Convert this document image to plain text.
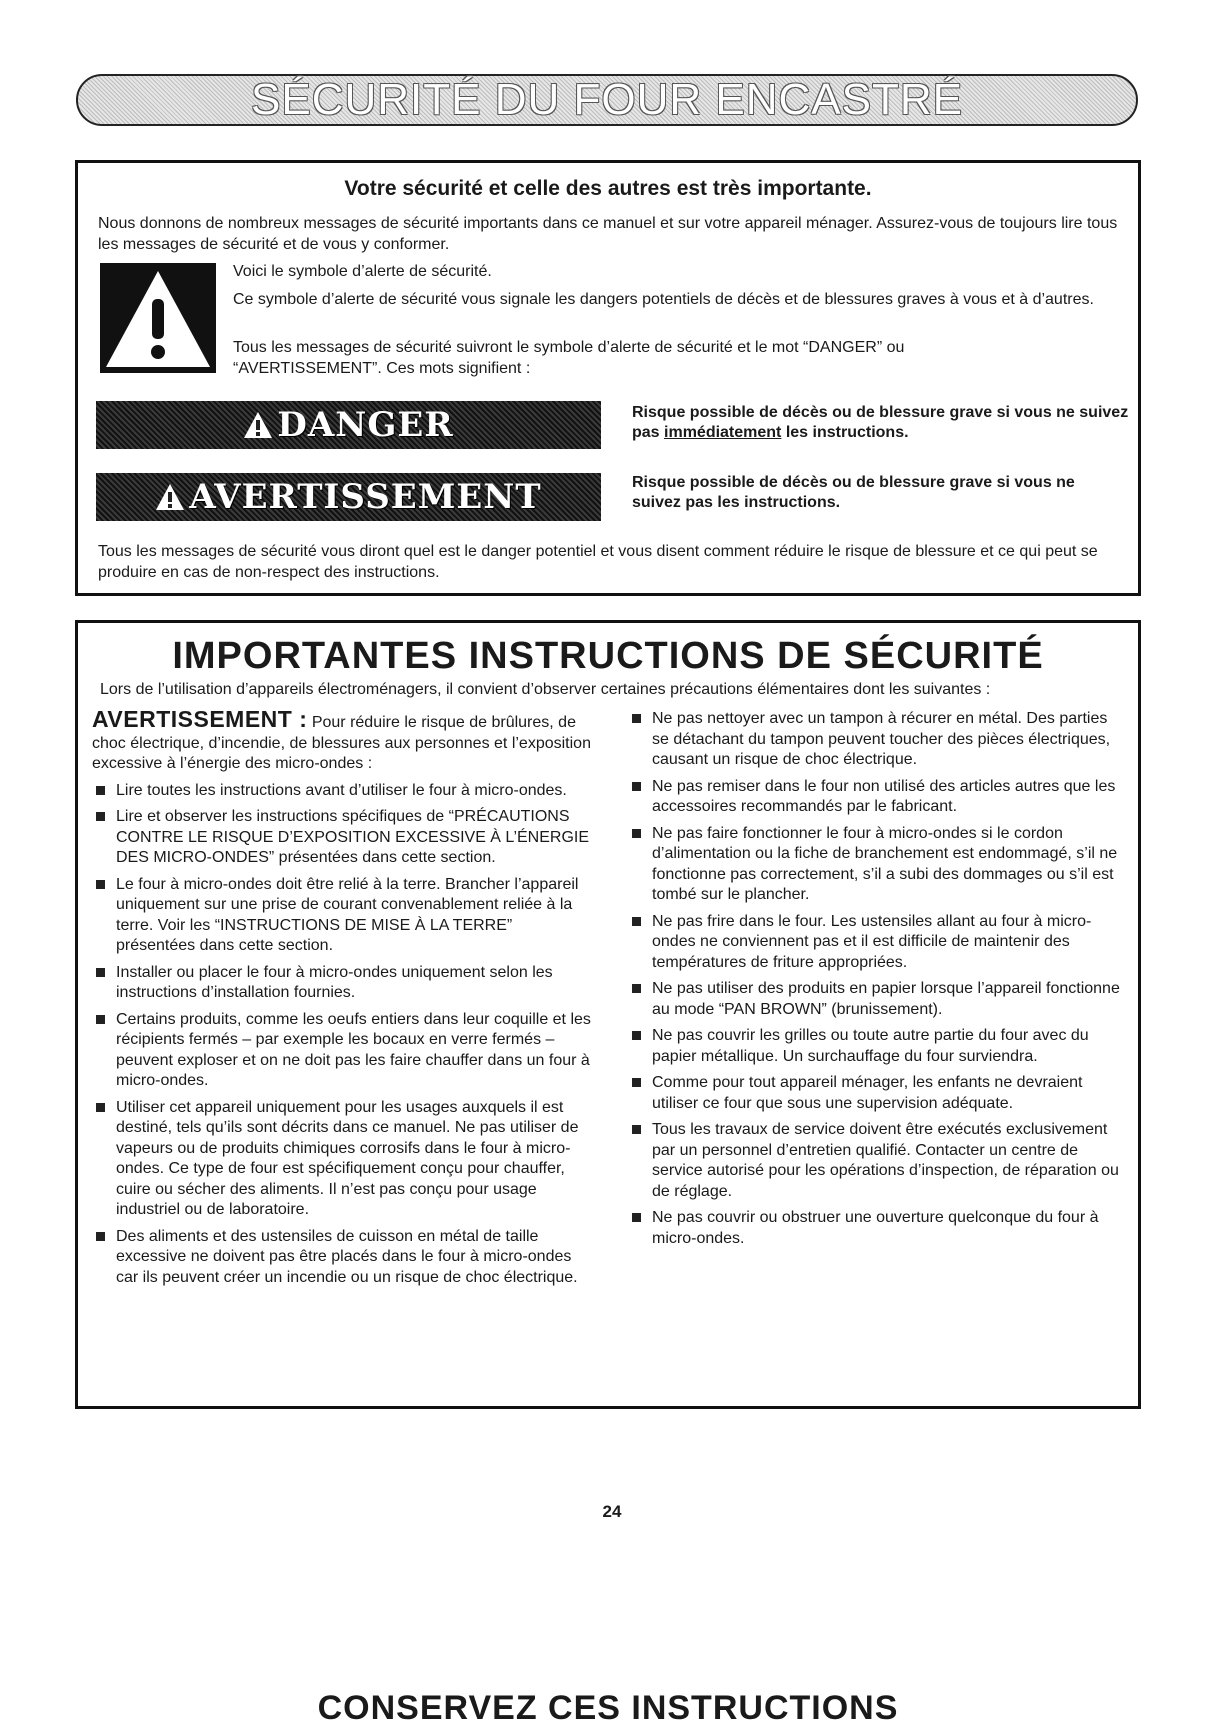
SÉCURITÉ DU FOUR ENCASTRÉ
Votre sécurité et celle des autres est très importante.
Nous donnons de nombreux messages de sécurité importants dans ce manuel et sur votre appareil ménager. Assurez-vous de toujours lire tous les messages de sécurité et de vous y conformer.
Voici le symbole d’alerte de sécurité.
Ce symbole d’alerte de sécurité vous signale les dangers potentiels de décès et de blessures graves à vous et à d’autres.
Tous les messages de sécurité suivront le symbole d’alerte de sécurité et le mot “DANGER” ou “AVERTISSEMENT”. Ces mots signifient :
DANGER	Risque possible de décès ou de blessure grave si vous ne suivez pas immédiatement les instructions.
AVERTISSEMENT	Risque possible de décès ou de blessure grave si vous ne suivez pas les instructions.
Tous les messages de sécurité vous diront quel est le danger potentiel et vous disent comment réduire le risque de blessure et ce qui peut se produire en cas de non-respect des instructions.
IMPORTANTES INSTRUCTIONS DE SÉCURITÉ
Lors de l’utilisation d’appareils électroménagers, il convient d’observer certaines précautions élémentaires dont les suivantes :
AVERTISSEMENT : Pour réduire le risque de brûlures, de choc électrique, d’incendie, de blessures aux personnes et l’exposition excessive à l’énergie des micro-ondes :
Lire toutes les instructions avant d’utiliser le four à micro-ondes.
Lire et observer les instructions spécifiques de “PRÉCAUTIONS CONTRE LE RISQUE D’EXPOSITION EXCESSIVE À L’ÉNERGIE DES MICRO-ONDES” présentées dans cette section.
Le four à micro-ondes doit être relié à la terre. Brancher l’appareil uniquement sur une prise de courant convenablement reliée à la terre. Voir les “INSTRUCTIONS DE MISE À LA TERRE” présentées dans cette section.
Installer ou placer le four à micro-ondes uniquement selon les instructions d’installation fournies.
Certains produits, comme les oeufs entiers dans leur coquille et les récipients fermés – par exemple les bocaux en verre fermés – peuvent exploser et on ne doit pas les faire chauffer dans un four à micro-ondes.
Utiliser cet appareil uniquement pour les usages auxquels il est destiné, tels qu’ils sont décrits dans ce manuel. Ne pas utiliser de vapeurs ou de produits chimiques corrosifs dans le four à micro-ondes. Ce type de four est spécifiquement conçu pour chauffer, cuire ou sécher des aliments. Il n’est pas conçu pour usage industriel ou de laboratoire.
Des aliments et des ustensiles de cuisson en métal de taille excessive ne doivent pas être placés dans le four à micro-ondes car ils peuvent créer un incendie ou un risque de choc électrique.
Ne pas nettoyer avec un tampon à récurer en métal. Des parties se détachant du tampon peuvent toucher des pièces électriques, causant un risque de choc électrique.
Ne pas remiser dans le four non utilisé des articles autres que les accessoires recommandés par le fabricant.
Ne pas faire fonctionner le four à micro-ondes si le cordon d’alimentation ou la fiche de branchement est endommagé, s’il ne fonctionne pas correctement, s’il a subi des dommages ou s’il est tombé sur le plancher.
Ne pas frire dans le four. Les ustensiles allant au four à micro-ondes ne conviennent pas et il est difficile de maintenir des températures de friture appropriées.
Ne pas utiliser des produits en papier lorsque l’appareil fonctionne au mode “PAN BROWN” (brunissement).
Ne pas couvrir les grilles ou toute autre partie du four avec du papier métallique. Un surchauffage du four surviendra.
Comme pour tout appareil ménager, les enfants ne devraient utiliser ce four que sous une supervision adéquate.
Tous les travaux de service doivent être exécutés exclusivement par un personnel d’entretien qualifié. Contacter un centre de service autorisé pour les opérations d’inspection, de réparation ou de réglage.
Ne pas couvrir ou obstruer une ouverture quelconque du four à micro-ondes.
CONSERVEZ CES INSTRUCTIONS
24
